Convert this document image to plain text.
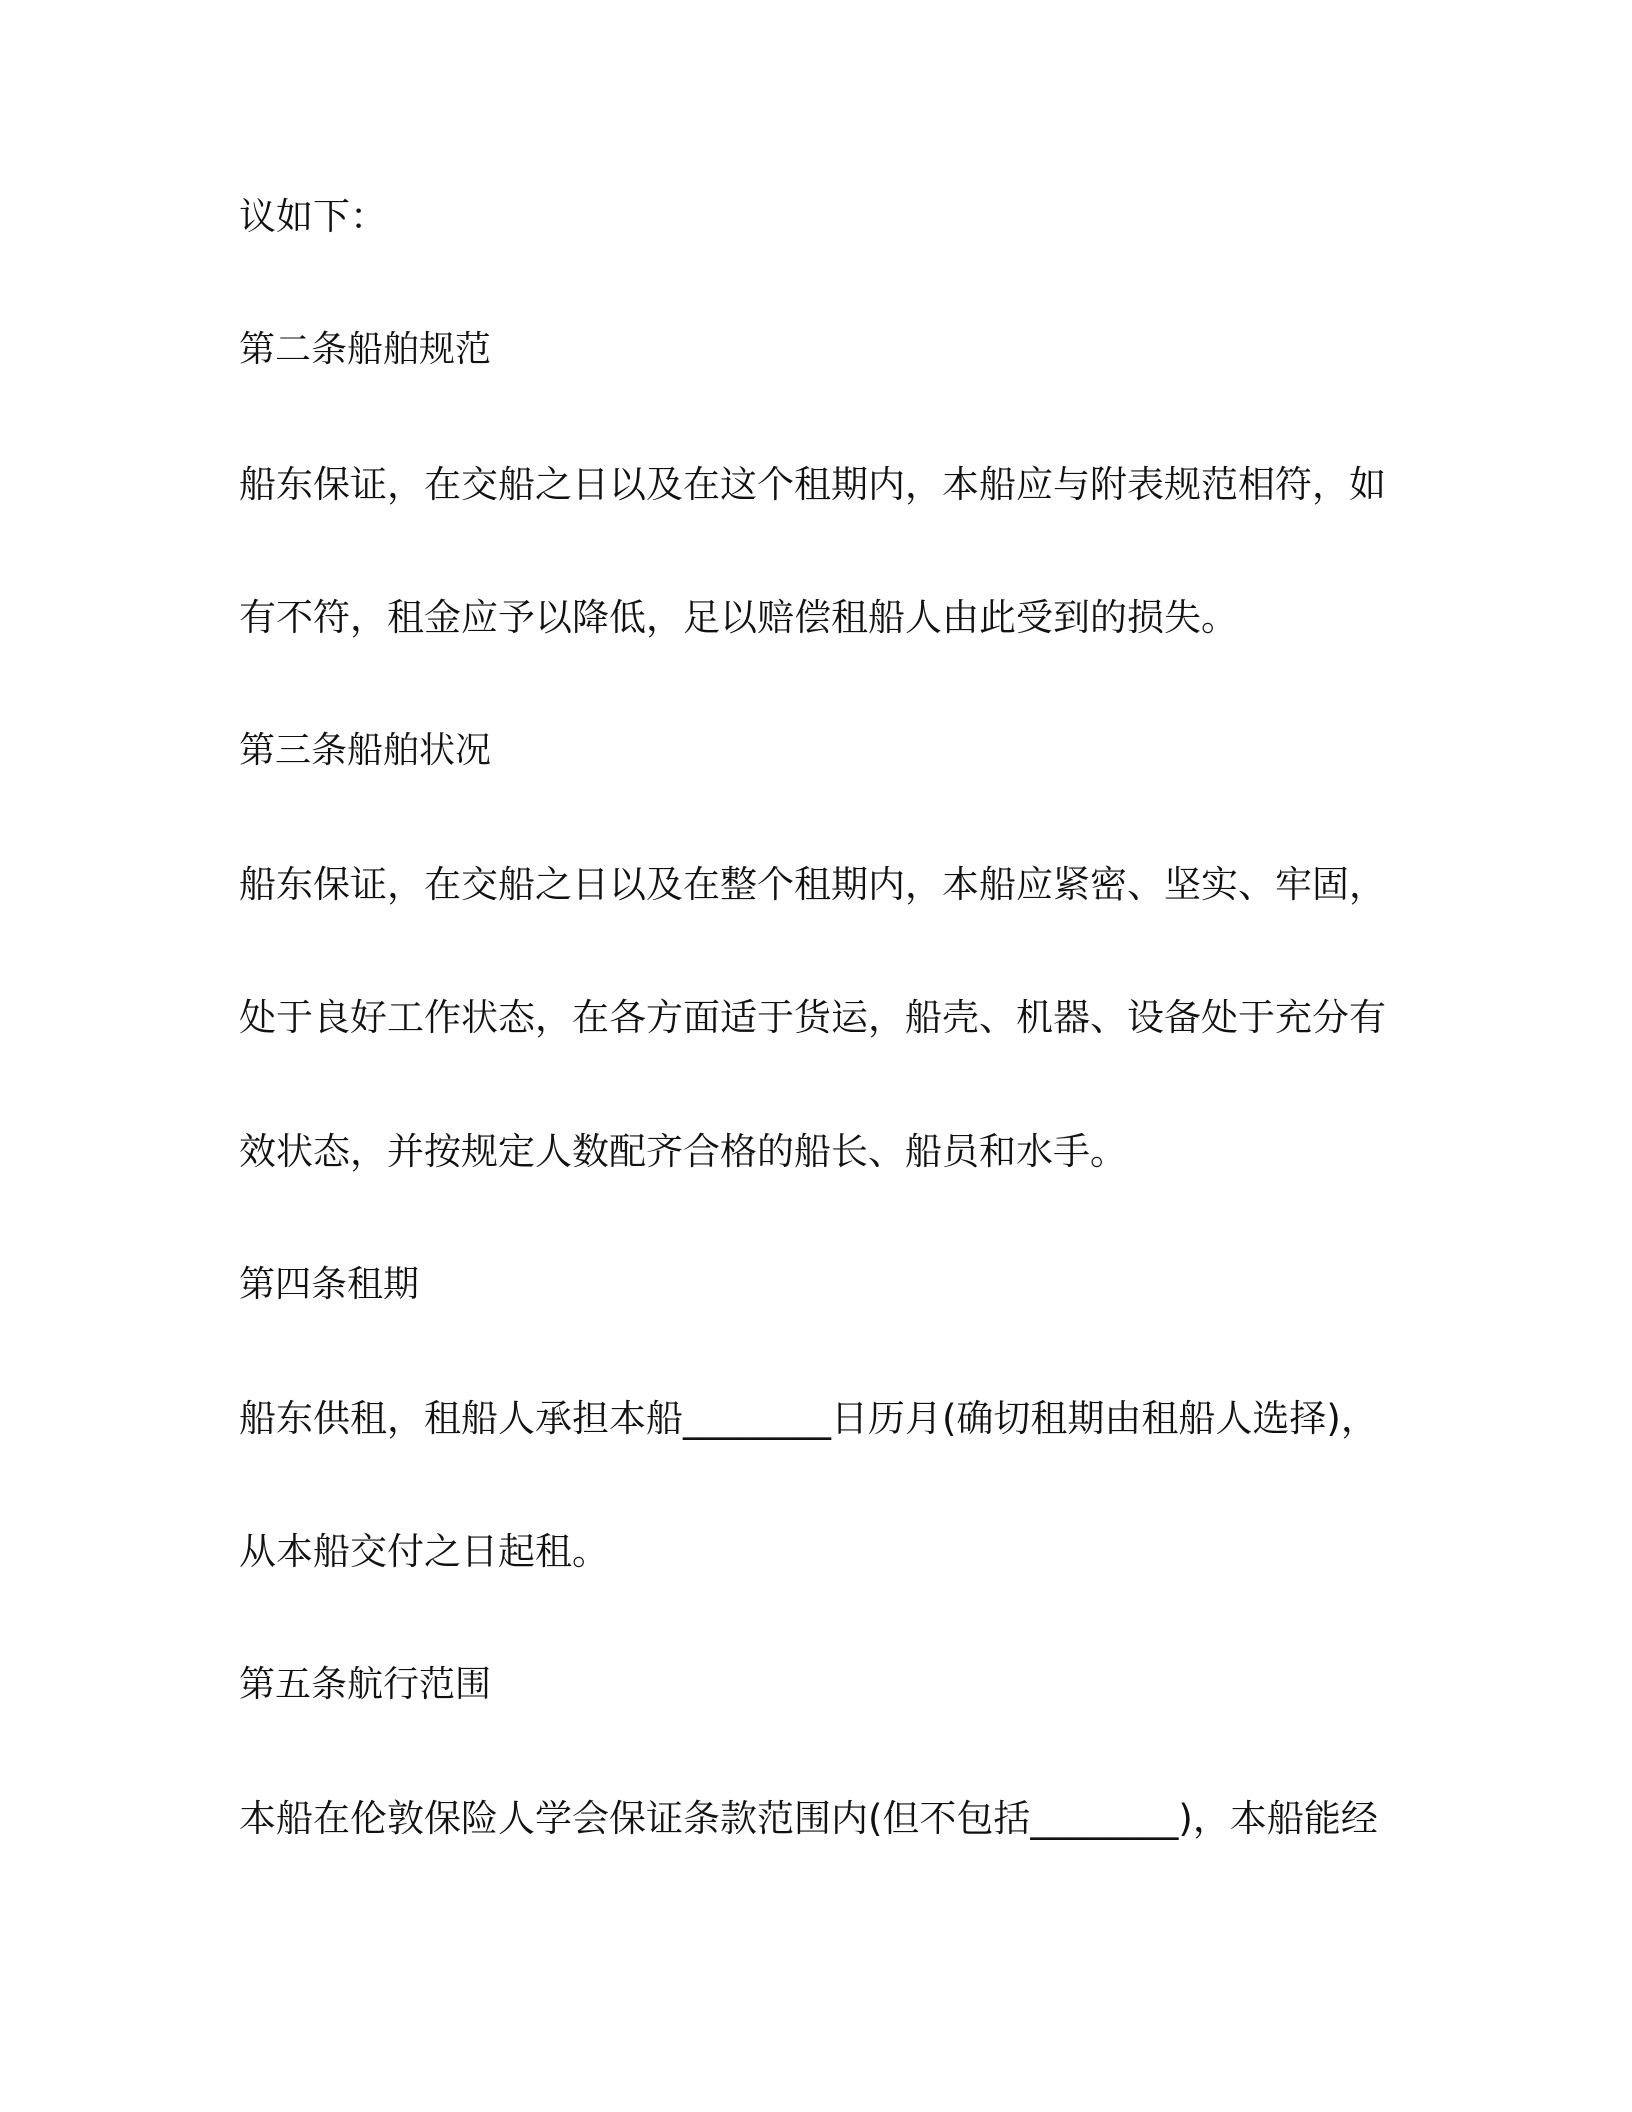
议如下：

第二条船舶规范

船东保证，在交船之日以及在这个租期内，本船应与附表规范相符，如

有不符，租金应予以降低，足以赔偿租船人由此受到的损失。

第三条船舶状况

船东保证，在交船之日以及在整个租期内，本船应紧密、坚实、牢固，

处于良好工作状态，在各方面适于货运，船壳、机器、设备处于充分有

效状态，并按规定人数配齐合格的船长、船员和水手。

第四条租期

船东供租，租船人承担本船________日历月(确切租期由租船人选择)，

从本船交付之日起租。

第五条航行范围

本船在伦敦保险人学会保证条款范围内(但不包括________)，本船能经
